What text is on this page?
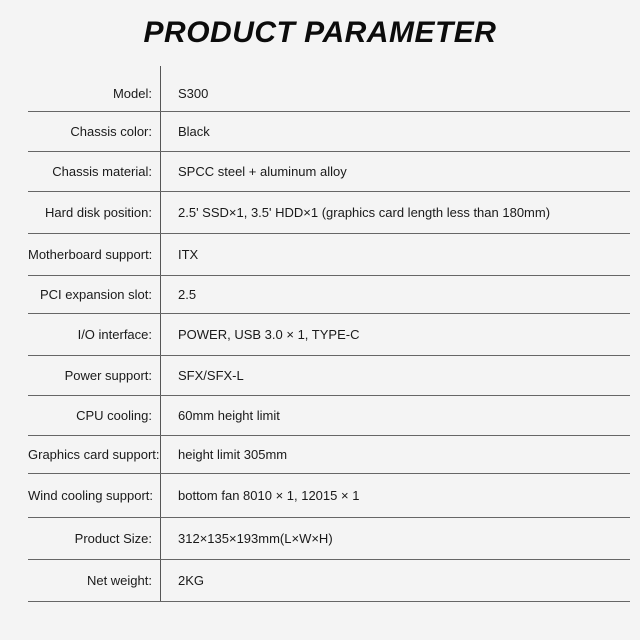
PRODUCT PARAMETER
Model: S300
Chassis color: Black
Chassis material: SPCC steel + aluminum alloy
Hard disk position: 2.5' SSD×1, 3.5' HDD×1 (graphics card length less than 180mm)
Motherboard support: ITX
PCI expansion slot: 2.5
I/O interface: POWER, USB 3.0 × 1, TYPE-C
Power support: SFX/SFX-L
CPU cooling: 60mm height limit
Graphics card support: height limit 305mm
Wind cooling support: bottom fan 8010 × 1, 12015 × 1
Product Size: 312×135×193mm(L×W×H)
Net weight: 2KG
